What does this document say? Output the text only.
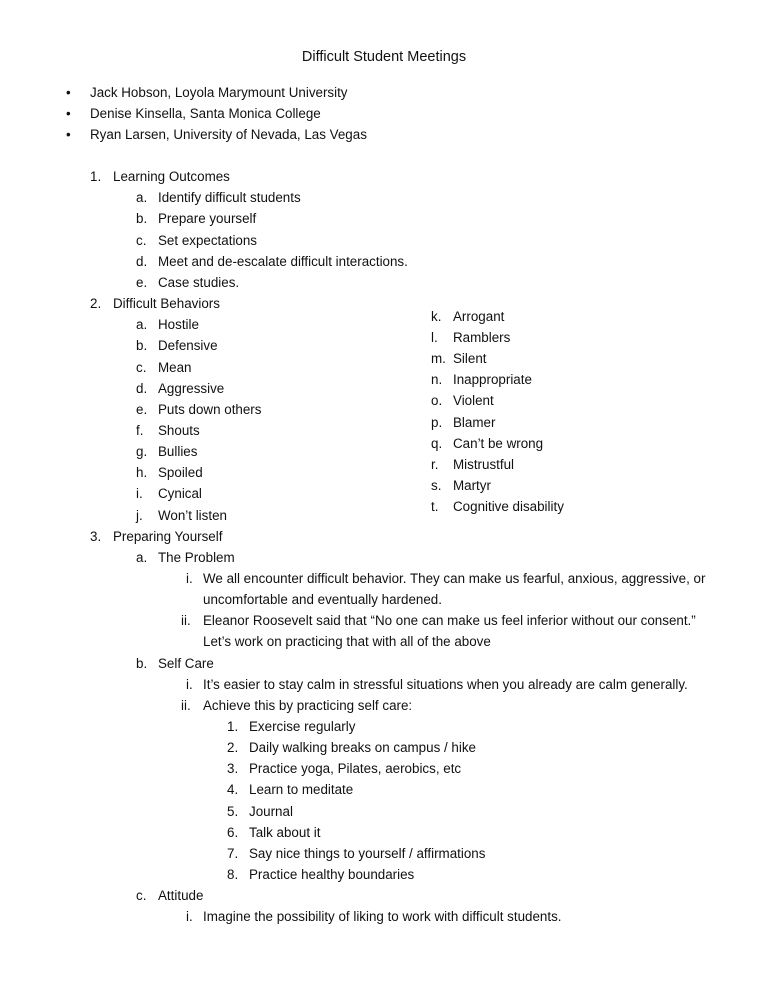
Difficult Student Meetings
• Jack Hobson, Loyola Marymount University
• Denise Kinsella, Santa Monica College
• Ryan Larsen, University of Nevada, Las Vegas
1. Learning Outcomes
a. Identify difficult students
b. Prepare yourself
c. Set expectations
d. Meet and de-escalate difficult interactions.
e. Case studies.
2. Difficult Behaviors
a. Hostile
b. Defensive
c. Mean
d. Aggressive
e. Puts down others
f. Shouts
g. Bullies
h. Spoiled
i. Cynical
j. Won’t listen
k. Arrogant
l. Ramblers
m. Silent
n. Inappropriate
o. Violent
p. Blamer
q. Can’t be wrong
r. Mistrustful
s. Martyr
t. Cognitive disability
3. Preparing Yourself
a. The Problem
i. We all encounter difficult behavior. They can make us fearful, anxious, aggressive, or
uncomfortable and eventually hardened.
ii. Eleanor Roosevelt said that “No one can make us feel inferior without our consent.”
Let’s work on practicing that with all of the above
b. Self Care
i. It’s easier to stay calm in stressful situations when you already are calm generally.
ii. Achieve this by practicing self care:
1. Exercise regularly
2. Daily walking breaks on campus / hike
3. Practice yoga, Pilates, aerobics, etc
4. Learn to meditate
5. Journal
6. Talk about it
7. Say nice things to yourself / affirmations
8. Practice healthy boundaries
c. Attitude
i. Imagine the possibility of liking to work with difficult students.
